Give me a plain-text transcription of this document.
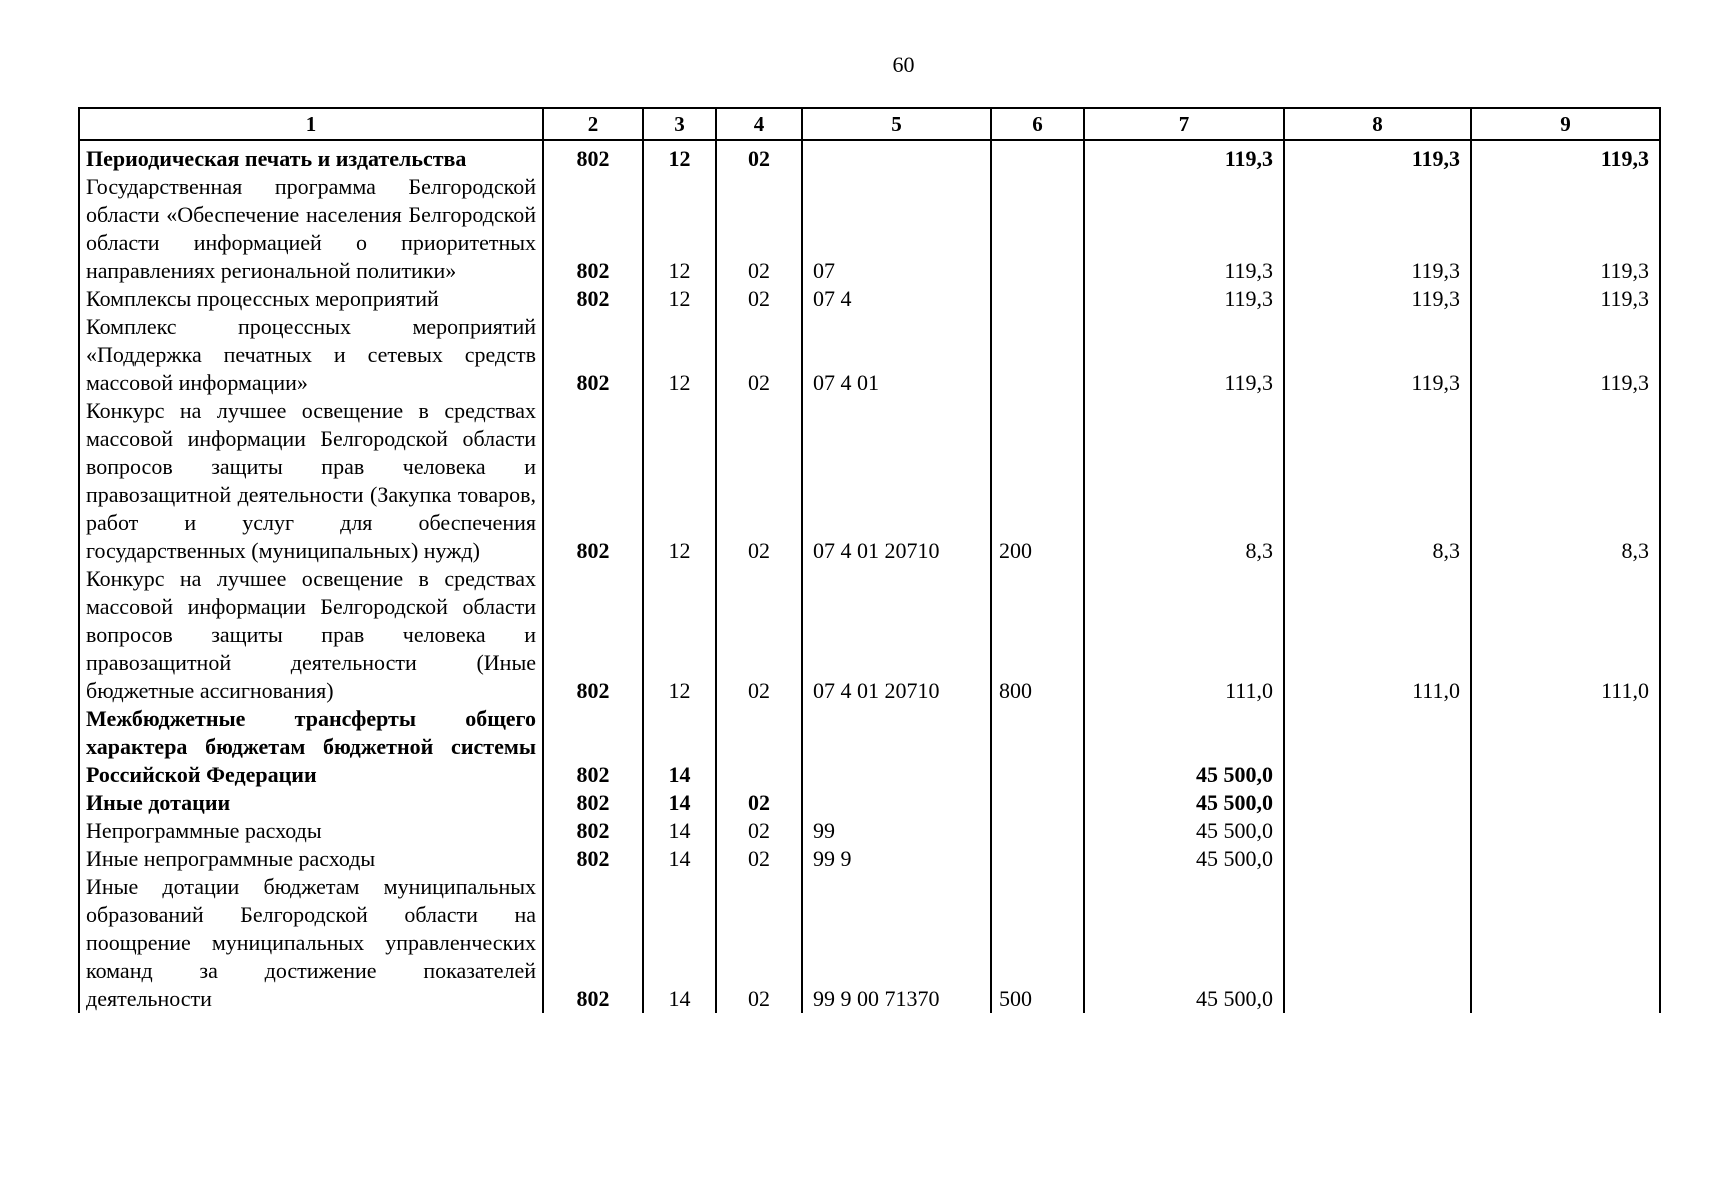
60
1	2	3	4	5	6	7	8	9
Периодическая печать и издательства	802	12	02			119,3	119,3	119,3
Государственная программа Белгородской области «Обеспечение населения Белгородской области информацией о приоритетных направлениях региональной политики»	802	12	02	07		119,3	119,3	119,3
Комплексы процессных мероприятий	802	12	02	07 4		119,3	119,3	119,3
Комплекс процессных мероприятий «Поддержка печатных и сетевых средств массовой информации»	802	12	02	07 4 01		119,3	119,3	119,3
Конкурс на лучшее освещение в средствах массовой информации Белгородской области вопросов защиты прав человека и правозащитной деятельности (Закупка товаров, работ и услуг для обеспечения государственных (муниципальных) нужд)	802	12	02	07 4 01 20710	200	8,3	8,3	8,3
Конкурс на лучшее освещение в средствах массовой информации Белгородской области вопросов защиты прав человека и правозащитной деятельности (Иные бюджетные ассигнования)	802	12	02	07 4 01 20710	800	111,0	111,0	111,0
Межбюджетные трансферты общего характера бюджетам бюджетной системы Российской Федерации	802	14				45 500,0		
Иные дотации	802	14	02			45 500,0		
Непрограммные расходы	802	14	02	99		45 500,0		
Иные непрограммные расходы	802	14	02	99 9		45 500,0		
Иные дотации бюджетам муниципальных образований Белгородской области на поощрение муниципальных управленческих команд за достижение показателей деятельности	802	14	02	99 9 00 71370	500	45 500,0		
